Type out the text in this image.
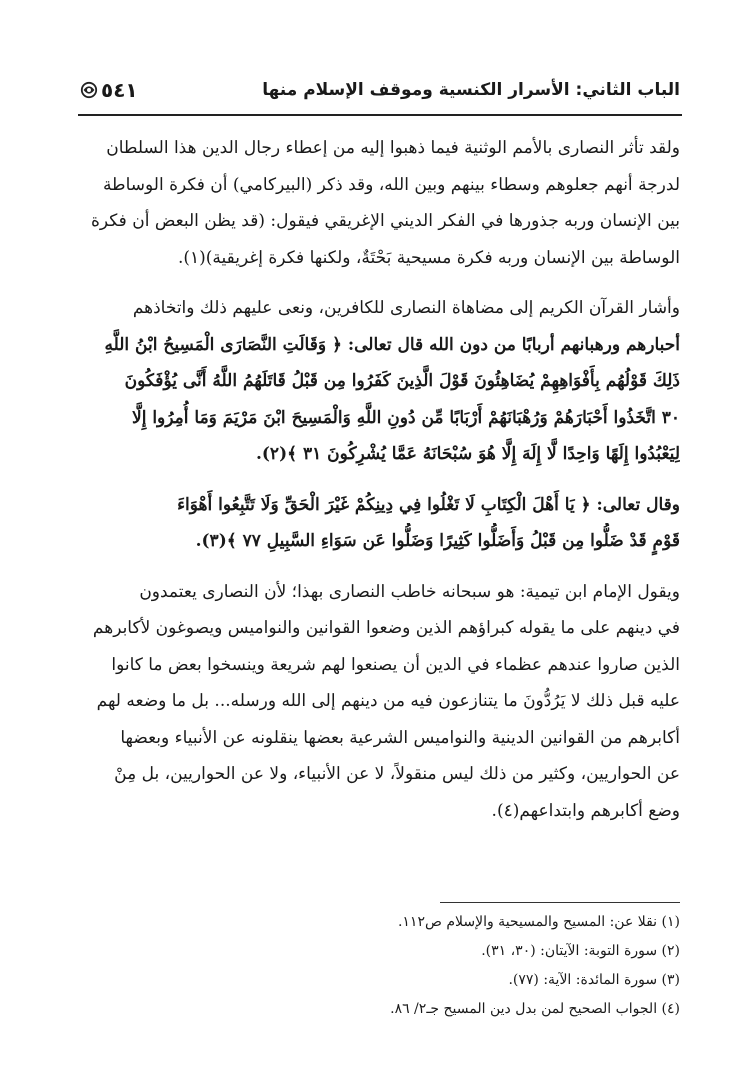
الباب الثاني: الأسرار الكنسية وموقف الإسلام منها
٥٤١

ولقد تأثر النصارى بالأمم الوثنية فيما ذهبوا إليه من إعطاء رجال الدين هذا السلطان
لدرجة أنهم جعلوهم وسطاء بينهم وبين الله، وقد ذكر (البيركامي) أن فكرة الوساطة
بين الإنسان وربه جذورها في الفكر الديني الإغريقي فيقول: (قد يظن البعض أن فكرة
الوساطة بين الإنسان وربه فكرة مسيحية بَحْتَةٌ، ولكنها فكرة إغريقية)(١).

وأشار القرآن الكريم إلى مضاهاة النصارى للكافرين، ونعى عليهم ذلك واتخاذهم
أحبارهم ورهبانهم أربابًا من دون الله قال تعالى: ﴿ وَقَالَتِ النَّصَارَى الْمَسِيحُ ابْنُ اللَّهِ
ذَلِكَ قَوْلُهُم بِأَفْوَاهِهِمْ يُضَاهِئُونَ قَوْلَ الَّذِينَ كَفَرُوا مِن قَبْلُ قَاتَلَهُمُ اللَّهُ أَنَّى يُؤْفَكُونَ
٣٠ اتَّخَذُوا أَحْبَارَهُمْ وَرُهْبَانَهُمْ أَرْبَابًا مِّن دُونِ اللَّهِ وَالْمَسِيحَ ابْنَ مَرْيَمَ وَمَا أُمِرُوا إِلَّا
لِيَعْبُدُوا إِلَهًا وَاحِدًا لَّا إِلَهَ إِلَّا هُوَ سُبْحَانَهُ عَمَّا يُشْرِكُونَ ٣١ ﴾(٢).

وقال تعالى: ﴿ يَا أَهْلَ الْكِتَابِ لَا تَغْلُوا فِي دِينِكُمْ غَيْرَ الْحَقِّ وَلَا تَتَّبِعُوا أَهْوَاءَ
قَوْمٍ قَدْ ضَلُّوا مِن قَبْلُ وَأَضَلُّوا كَثِيرًا وَضَلُّوا عَن سَوَاءِ السَّبِيلِ ٧٧ ﴾(٣).

ويقول الإمام ابن تيمية: هو سبحانه خاطب النصارى بهذا؛ لأن النصارى يعتمدون
في دينهم على ما يقوله كبراؤهم الذين وضعوا القوانين والنواميس ويصوغون لأكابرهم
الذين صاروا عندهم عظماء في الدين أن يصنعوا لهم شريعة وينسخوا بعض ما كانوا
عليه قبل ذلك لا يَرُدُّونَ ما يتنازعون فيه من دينهم إلى الله ورسله... بل ما وضعه لهم
أكابرهم من القوانين الدينية والنواميس الشرعية بعضها ينقلونه عن الأنبياء وبعضها
عن الحواريين، وكثير من ذلك ليس منقولاً، لا عن الأنبياء، ولا عن الحواريين، بل مِنْ
وضع أكابرهم وابتداعهم(٤).

(١) نقلا عن: المسيح والمسيحية والإسلام ص١١٢.
(٢) سورة التوبة: الآيتان: (٣٠، ٣١).
(٣) سورة المائدة: الآية: (٧٧).
(٤) الجواب الصحيح لمن بدل دين المسيح جـ٢/ ٨٦.
